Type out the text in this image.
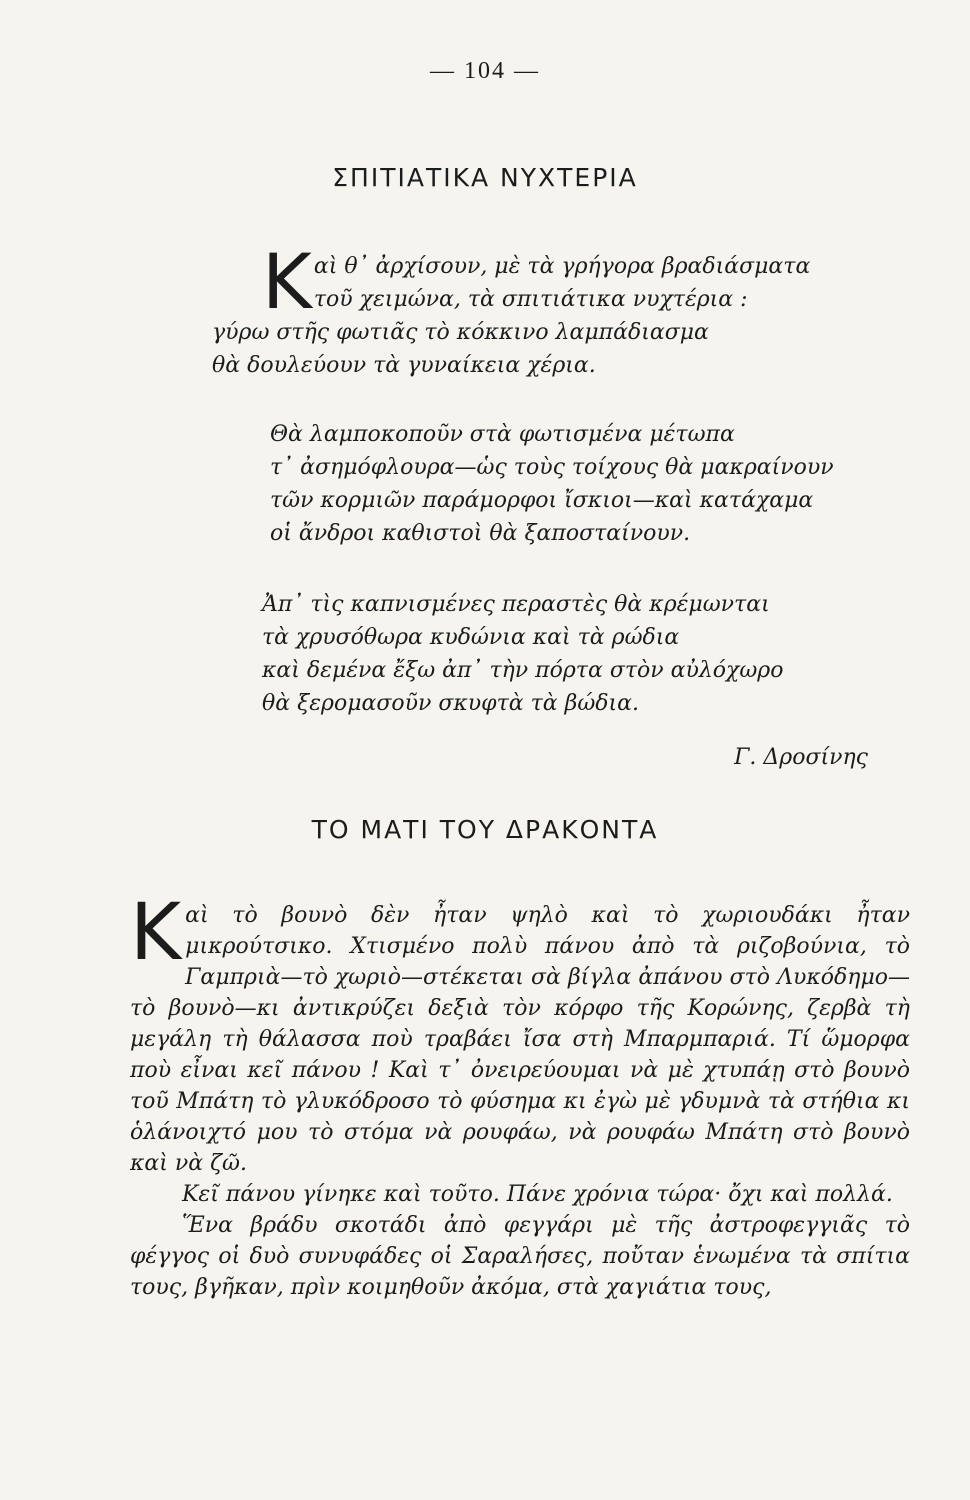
— 104 —
ΣΠΙΤΙΑΤΙΚΑ ΝΥΧΤΕΡΙΑ
K αὶ θ᾿ ἀρχίσουν, μὲ τὰ γρήγορα βραδιάσματα
τοῦ χειμώνα, τὰ σπιτιάτικα νυχτέρια :
γύρω στῆς φωτιᾶς τὸ κόκκινο λαμπάδιασμα
θὰ δουλεύουν τὰ γυναίκεια χέρια.
Θὰ λαμποκοποῦν στὰ φωτισμένα μέτωπα
τ᾿ ἀσημόφλουρα—ὡς τοὺς τοίχους θὰ μακραίνουν
τῶν κορμιῶν παράμορφοι ἴσκιοι—καὶ κατάχαμα
οἱ ἄνδροι καθιστοὶ θὰ ξαποσταίνουν.
Ἀπ᾿ τὶς καπνισμένες περαστὲς θὰ κρέμωνται
τὰ χρυσόθωρα κυδώνια καὶ τὰ ρώδια
καὶ δεμένα ἔξω ἀπ᾿ τὴν πόρτα στὸν αὐλόχωρο
θὰ ξερομασοῦν σκυφτὰ τὰ βώδια.
Γ. Δροσίνης
ΤΟ ΜΑΤΙ ΤΟΥ ΔΡΑΚΟΝΤΑ

Kαὶ τὸ βουνὸ δὲν ἦταν ψηλὸ καὶ τὸ χωριουδάκι ἦταν μικρούτσικο. Χτισμένο πολὺ πάνου ἀπὸ τὰ ριζοβούνια, τὸ Γαμπριὰ—τὸ χωριὸ—στέκεται σὰ βίγλα ἀπάνου στὸ Λυκόδημο—τὸ βουνὸ—κι ἀντικρύζει δεξιὰ τὸν κόρφο τῆς Κορώνης, ζερβὰ τὴ μεγάλη τὴ θάλασσα ποὺ τραβάει ἴσα στὴ Μπαρμπαριά. Τί ὥμορφα ποὺ εἶναι κεῖ πάνου ! Καὶ τ᾿ ὀνειρεύουμαι νὰ μὲ χτυπάῃ στὸ βουνὸ τοῦ Μπάτη τὸ γλυκόδροσο τὸ φύσημα κι ἐγὼ μὲ γδυμνὰ τὰ στήθια κι ὁλάνοιχτό μου τὸ στόμα νὰ ρουφάω, νὰ ρουφάω Μπάτη στὸ βουνὸ καὶ νὰ ζῶ.

Κεῖ πάνου γίνηκε καὶ τοῦτο. Πάνε χρόνια τώρα· ὄχι καὶ πολλά.

Ἕνα βράδυ σκοτάδι ἀπὸ φεγγάρι μὲ τῆς ἀστροφεγγιᾶς τὸ φέγγος οἱ δυὸ συνυφάδες οἱ Σαραλήσες, ποὔταν ἑνωμένα τὰ σπίτια τους, βγῆκαν, πρὶν κοιμηθοῦν ἀκόμα, στὰ χαγιάτια τους,
